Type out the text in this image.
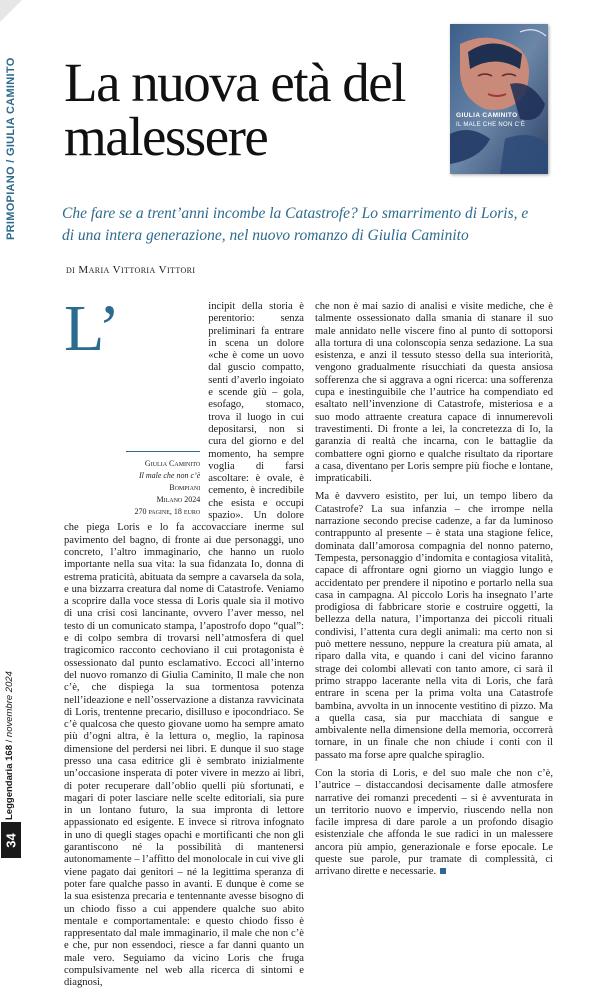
PRIMOPIANO / GIULIA CAMINITO
Leggendaria 168 / novembre 2024
34
La nuova età del malessere	GIULIA CAMINITO
IL MALE CHE NON C’È

Che fare se a trent’anni incombe la Catastrofe? Lo smarrimento di Loris, e di una intera generazione, nel nuovo romanzo di Giulia Caminito

di Maria Vittoria Vittori
L’
Giulia Caminito
Il male che non c’è
Bompiani
Milano 2024
270 pagine, 18 euro

incipit della storia è perentorio: senza preliminari fa entrare in scena un dolore «che è come un uovo dal guscio compatto, senti d’averlo ingoiato e scende giù – gola, esofago, stomaco, trova il luogo in cui depositarsi, non si cura del giorno e del momento, ha sempre voglia di farsi ascoltare: è ovale, è cemento, è incredibile che esista e occupi spazio». Un dolore che piega Loris e lo fa accovacciare inerme sul pavimento del bagno, di fronte ai due personaggi, uno concreto, l’altro immaginario, che hanno un ruolo importante nella sua vita: la sua fidanzata Io, donna di estrema praticità, abituata da sempre a cavarsela da sola, e una bizzarra creatura dal nome di Catastrofe. Veniamo a scoprire dalla voce stessa di Loris quale sia il motivo di una crisi così lancinante, ovvero l’aver messo, nel testo di un comunicato stampa, l’apostrofo dopo “qual”: e di colpo sembra di trovarsi nell’atmosfera di quel tragicomico racconto cechoviano il cui protagonista è ossessionato dal punto esclamativo. Eccoci all’interno del nuovo romanzo di Giulia Caminito, Il male che non c’è, che dispiega la sua tormentosa potenza nell’ideazione e nell’osservazione a distanza ravvicinata di Loris, trentenne precario, disilluso e ipocondriaco. Se c’è qualcosa che questo giovane uomo ha sempre amato più d’ogni altra, è la lettura o, meglio, la rapinosa dimensione del perdersi nei libri. E dunque il suo stage presso una casa editrice gli è sembrato inizialmente un’occasione insperata di poter vivere in mezzo ai libri, di poter recuperare dall’oblio quelli più sfortunati, e magari di poter lasciare nelle scelte editoriali, sia pure in un lontano futuro, la sua impronta di lettore appassionato ed esigente. E invece si ritrova infognato in uno di quegli stages opachi e mortificanti che non gli garantiscono né la possibilità di mantenersi autonomamente – l’affitto del monolocale in cui vive gli viene pagato dai genitori – né la legittima speranza di poter fare qualche passo in avanti. E dunque è come se la sua esistenza precaria e tentennante avesse bisogno di un chiodo fisso a cui appendere qualche suo abito mentale e comportamentale: e questo chiodo fisso è rappresentato dal male immaginario, il male che non c’è e che, pur non essendoci, riesce a far danni quanto un male vero. Seguiamo da vicino Loris che fruga compulsivamente nel web alla ricerca di sintomi e diagnosi,

che non è mai sazio di analisi e visite mediche, che è talmente ossessionato dalla smania di stanare il suo male annidato nelle viscere fino al punto di sottoporsi alla tortura di una colonscopia senza sedazione. La sua esistenza, e anzi il tessuto stesso della sua interiorità, vengono gradualmente risucchiati da questa ansiosa sofferenza che si aggrava a ogni ricerca: una sofferenza cupa e inestinguibile che l’autrice ha compendiato ed esaltato nell’invenzione di Catastrofe, misteriosa e a suo modo attraente creatura capace di innumerevoli travestimenti. Di fronte a lei, la concretezza di Io, la garanzia di realtà che incarna, con le battaglie da combattere ogni giorno e qualche risultato da riportare a casa, diventano per Loris sempre più fioche e lontane, impraticabili.

Ma è davvero esistito, per lui, un tempo libero da Catastrofe? La sua infanzia – che irrompe nella narrazione secondo precise cadenze, a far da luminoso contrappunto al presente – è stata una stagione felice, dominata dall’amorosa compagnia del nonno paterno, Tempesta, personaggio d’indomita e contagiosa vitalità, capace di affrontare ogni giorno un viaggio lungo e accidentato per prendere il nipotino e portarlo nella sua casa in campagna. Al piccolo Loris ha insegnato l’arte prodigiosa di fabbricare storie e costruire oggetti, la bellezza della natura, l’importanza dei piccoli rituali condivisi, l’attenta cura degli animali: ma certo non si può mettere nessuno, neppure la creatura più amata, al riparo dalla vita, e quando i cani del vicino faranno strage dei colombi allevati con tanto amore, ci sarà il primo strappo lacerante nella vita di Loris, che farà entrare in scena per la prima volta una Catastrofe bambina, avvolta in un innocente vestitino di pizzo. Ma a quella casa, sia pur macchiata di sangue e ambivalente nella dimensione della memoria, occorrerà tornare, in un finale che non chiude i conti con il passato ma forse apre qualche spiraglio.

Con la storia di Loris, e del suo male che non c’è, l’autrice – distaccandosi decisamente dalle atmosfere narrative dei romanzi precedenti – si è avventurata in un territorio nuovo e impervio, riuscendo nella non facile impresa di dare parole a un profondo disagio esistenziale che affonda le sue radici in un malessere ancora più ampio, generazionale e forse epocale. Le queste sue parole, pur tramate di complessità, ci arrivano dirette e necessarie.
